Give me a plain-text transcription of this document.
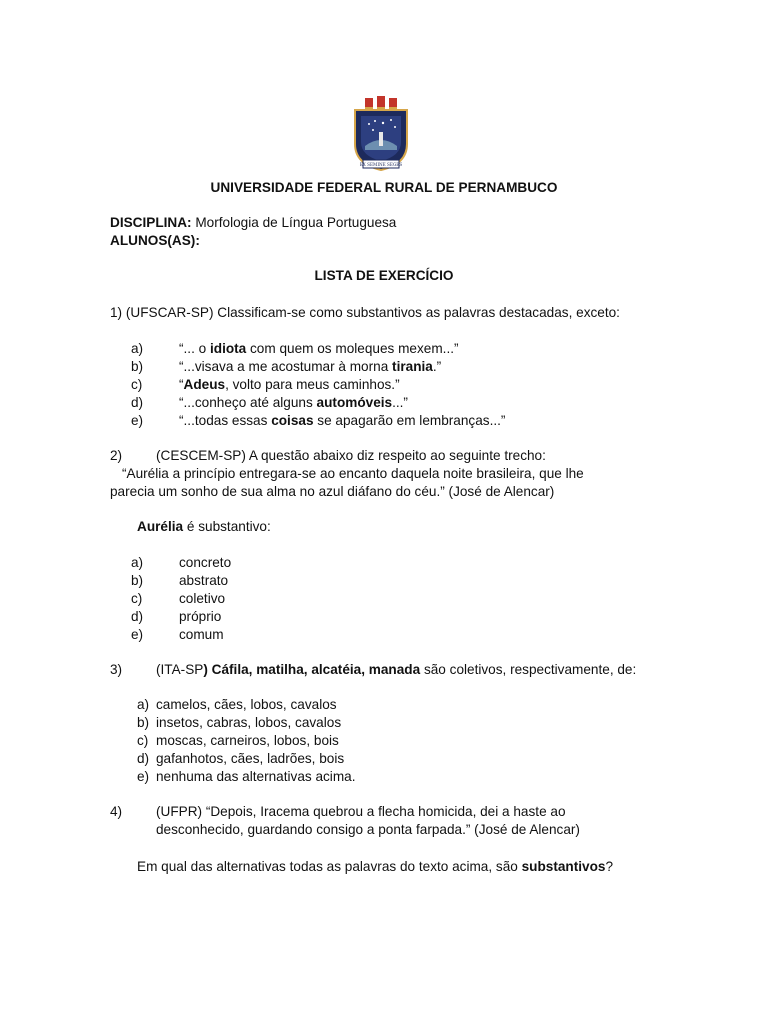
EX SEMINE SEGES
UNIVERSIDADE FEDERAL RURAL DE PERNAMBUCO
DISCIPLINA: Morfologia de Língua Portuguesa
ALUNOS(AS):
LISTA DE EXERCÍCIO
1) (UFSCAR-SP) Classificam-se como substantivos as palavras destacadas, exceto:
a)	“... o idiota com quem os moleques mexem...”
b)	“...visava a me acostumar à morna tirania.”
c)	“Adeus, volto para meus caminhos.”
d)	“...conheço até alguns automóveis...”
e)	“...todas essas coisas se apagarão em lembranças...”
2) (CESCEM-SP) A questão abaixo diz respeito ao seguinte trecho:
“Aurélia a princípio entregara-se ao encanto daquela noite brasileira, que lhe
parecia um sonho de sua alma no azul diáfano do céu.” (José de Alencar)
Aurélia é substantivo:
a)	concreto
b)	abstrato
c)	coletivo
d)	próprio
e)	comum
3) (ITA-SP) Cáfila, matilha, alcatéia, manada são coletivos, respectivamente, de:
a) camelos, cães, lobos, cavalos
b) insetos, cabras, lobos, cavalos
c) moscas, carneiros, lobos, bois
d) gafanhotos, cães, ladrões, bois
e) nenhuma das alternativas acima.
4) (UFPR) “Depois, Iracema quebrou a flecha homicida, dei a haste ao
desconhecido, guardando consigo a ponta farpada.” (José de Alencar)
Em qual das alternativas todas as palavras do texto acima, são substantivos?
